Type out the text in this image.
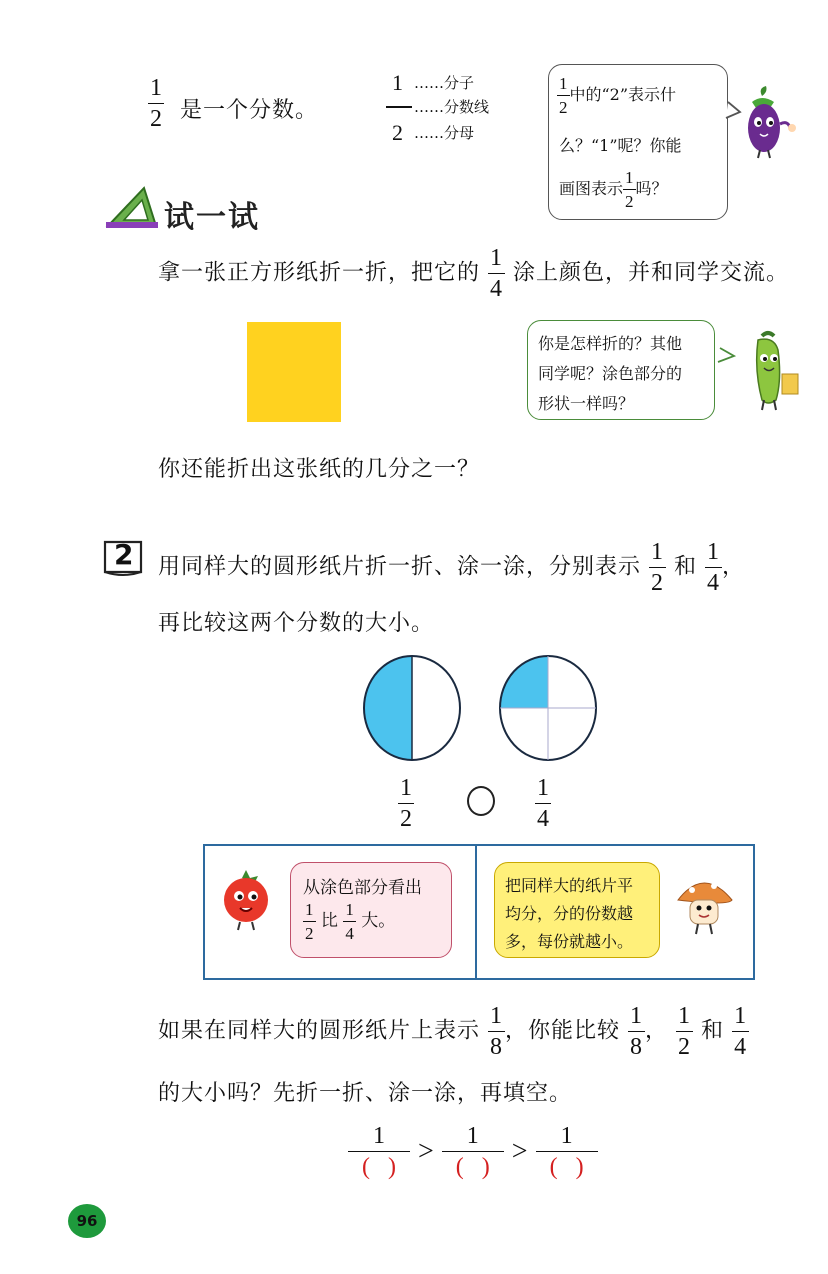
$\frac{1}{2}$ 是一个分数。
1 ……分子
……分数线
2 ……分母
$\frac{1}{2}$ 中的“2”表示什
么？“1”呢？你能
画图表示 $\frac{1}{2}$ 吗？
试一试
拿一张正方形纸折一折，把它的 $\frac{1}{4}$ 涂上颜色，并和同学交流。
你是怎样折的？其他
同学呢？涂色部分的
形状一样吗？
你还能折出这张纸的几分之一？
2 用同样大的圆形纸片折一折、涂一涂，分别表示 $\frac{1}{2}$ 和 $\frac{1}{4}$ ，
再比较这两个分数的大小。
$\frac{1}{2}$	$\frac{1}{4}$
从涂色部分看出
$\frac{1}{2}$ 比 $\frac{1}{4}$ 大。
把同样大的纸片平
均分，分的份数越
多，每份就越小。
如果在同样大的圆形纸片上表示 $\frac{1}{8}$ ，你能比较 $\frac{1}{8}$ ， $\frac{1}{2}$ 和 $\frac{1}{4}$
的大小吗？先折一折、涂一涂，再填空。
$\frac{1}{( )} > \frac{1}{( )} > \frac{1}{( )}$
96
